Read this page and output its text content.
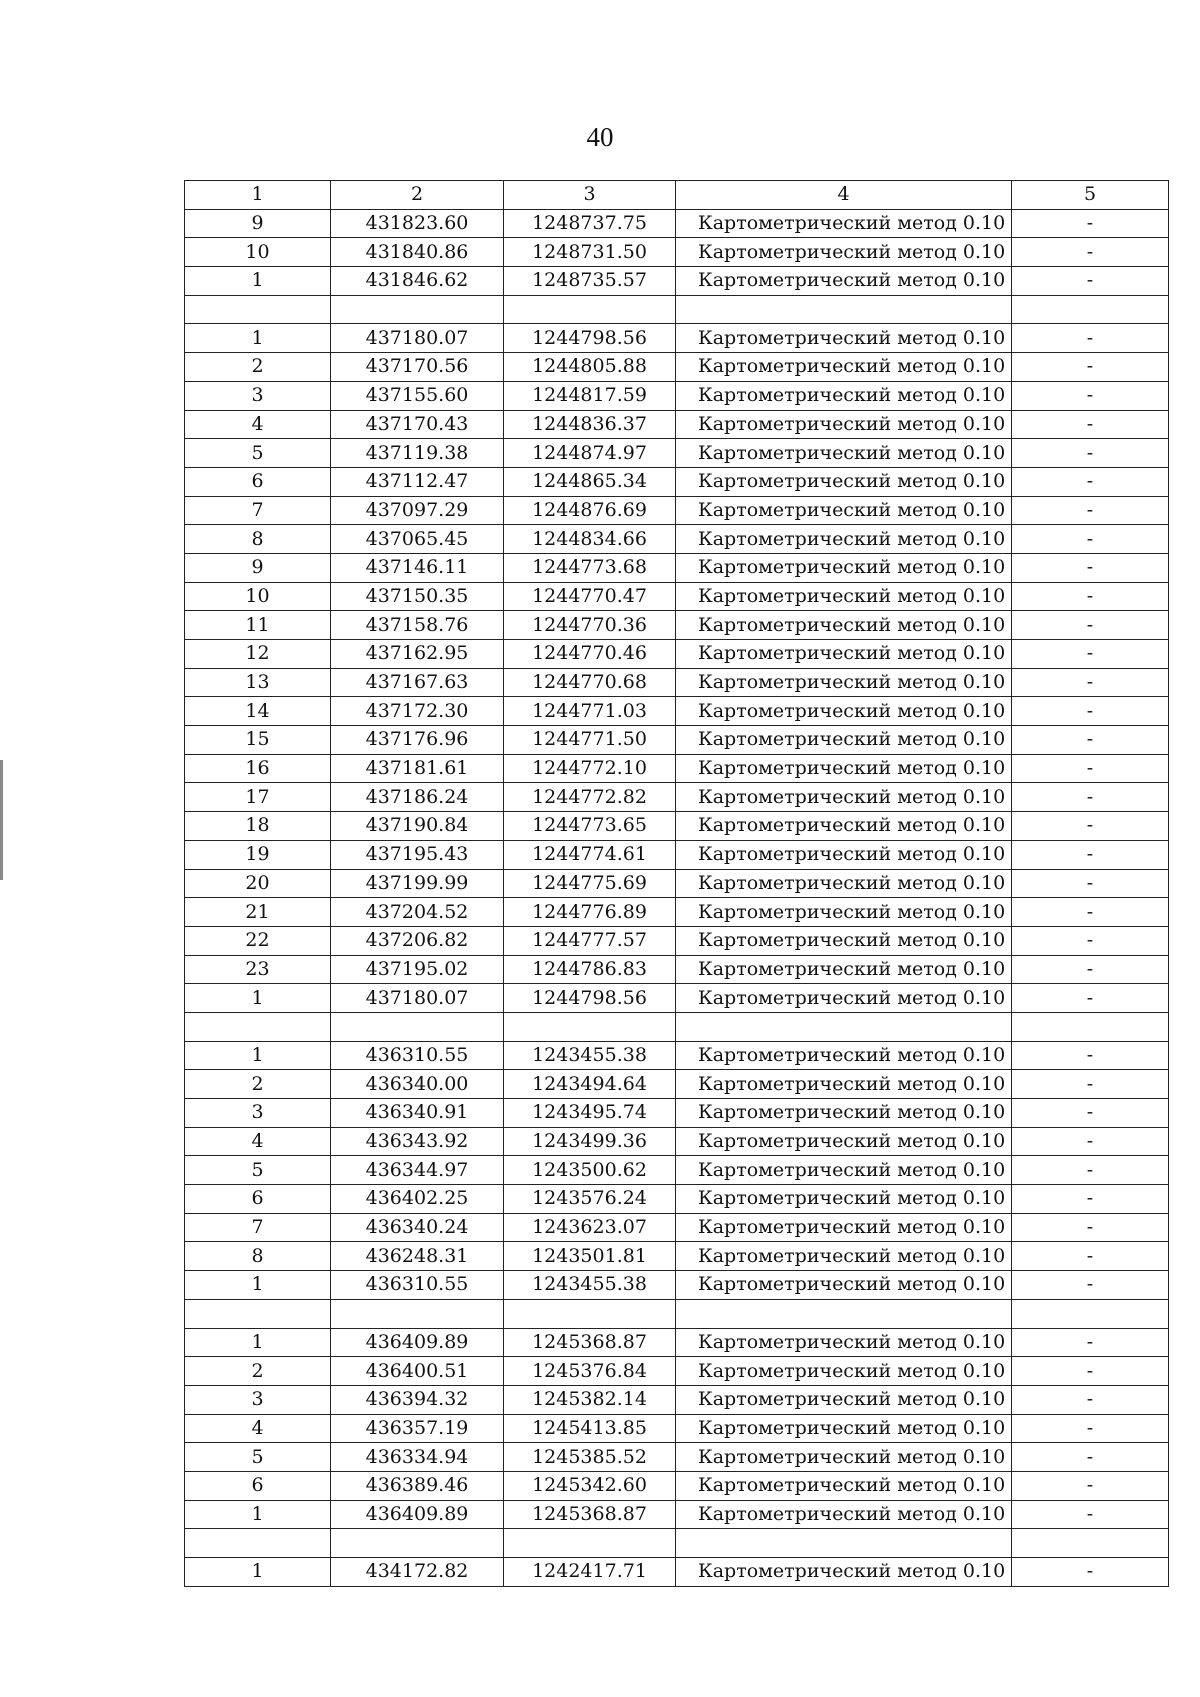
40
1	2	3	4	5
9	431823.60	1248737.75	Картометрический метод 0.10	-
10	431840.86	1248731.50	Картометрический метод 0.10	-
1	431846.62	1248735.57	Картометрический метод 0.10	-

1	437180.07	1244798.56	Картометрический метод 0.10	-
2	437170.56	1244805.88	Картометрический метод 0.10	-
3	437155.60	1244817.59	Картометрический метод 0.10	-
4	437170.43	1244836.37	Картометрический метод 0.10	-
5	437119.38	1244874.97	Картометрический метод 0.10	-
6	437112.47	1244865.34	Картометрический метод 0.10	-
7	437097.29	1244876.69	Картометрический метод 0.10	-
8	437065.45	1244834.66	Картометрический метод 0.10	-
9	437146.11	1244773.68	Картометрический метод 0.10	-
10	437150.35	1244770.47	Картометрический метод 0.10	-
11	437158.76	1244770.36	Картометрический метод 0.10	-
12	437162.95	1244770.46	Картометрический метод 0.10	-
13	437167.63	1244770.68	Картометрический метод 0.10	-
14	437172.30	1244771.03	Картометрический метод 0.10	-
15	437176.96	1244771.50	Картометрический метод 0.10	-
16	437181.61	1244772.10	Картометрический метод 0.10	-
17	437186.24	1244772.82	Картометрический метод 0.10	-
18	437190.84	1244773.65	Картометрический метод 0.10	-
19	437195.43	1244774.61	Картометрический метод 0.10	-
20	437199.99	1244775.69	Картометрический метод 0.10	-
21	437204.52	1244776.89	Картометрический метод 0.10	-
22	437206.82	1244777.57	Картометрический метод 0.10	-
23	437195.02	1244786.83	Картометрический метод 0.10	-
1	437180.07	1244798.56	Картометрический метод 0.10	-

1	436310.55	1243455.38	Картометрический метод 0.10	-
2	436340.00	1243494.64	Картометрический метод 0.10	-
3	436340.91	1243495.74	Картометрический метод 0.10	-
4	436343.92	1243499.36	Картометрический метод 0.10	-
5	436344.97	1243500.62	Картометрический метод 0.10	-
6	436402.25	1243576.24	Картометрический метод 0.10	-
7	436340.24	1243623.07	Картометрический метод 0.10	-
8	436248.31	1243501.81	Картометрический метод 0.10	-
1	436310.55	1243455.38	Картометрический метод 0.10	-

1	436409.89	1245368.87	Картометрический метод 0.10	-
2	436400.51	1245376.84	Картометрический метод 0.10	-
3	436394.32	1245382.14	Картометрический метод 0.10	-
4	436357.19	1245413.85	Картометрический метод 0.10	-
5	436334.94	1245385.52	Картометрический метод 0.10	-
6	436389.46	1245342.60	Картометрический метод 0.10	-
1	436409.89	1245368.87	Картометрический метод 0.10	-

1	434172.82	1242417.71	Картометрический метод 0.10	-
